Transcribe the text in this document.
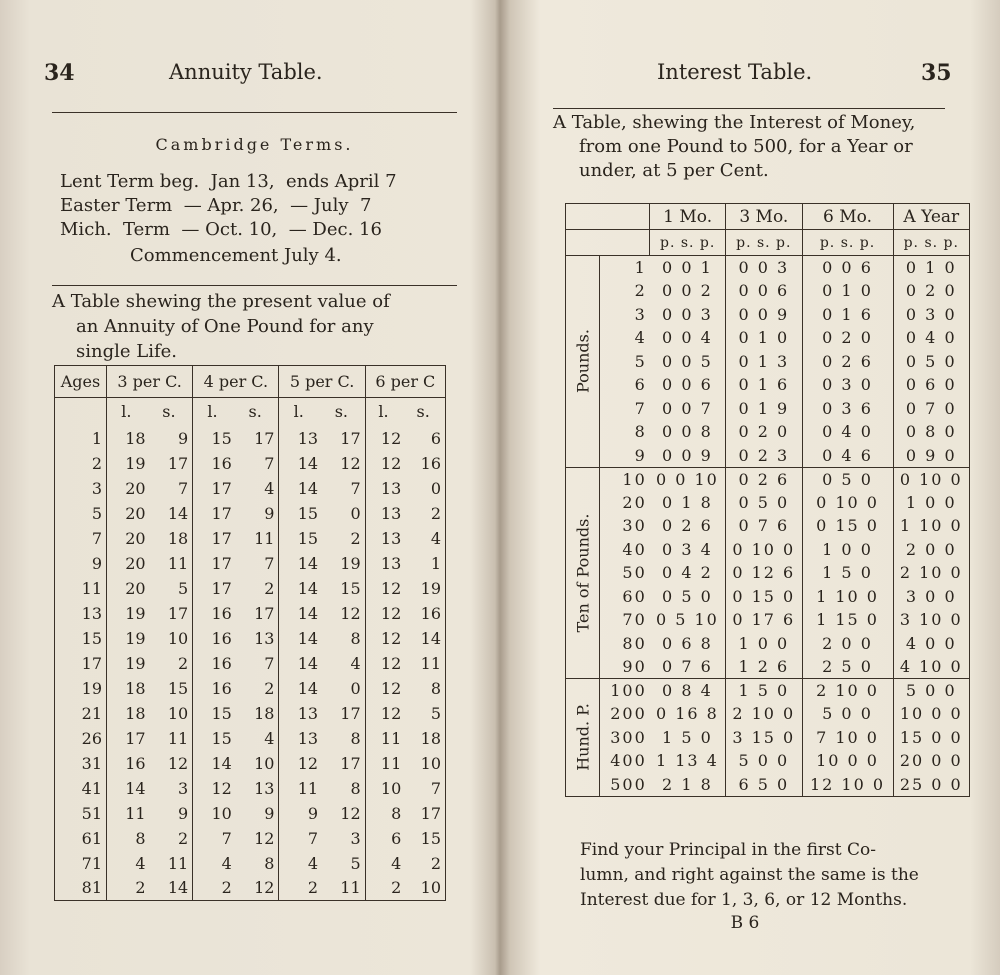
34	Annuity Table.
Cambridge Terms.
Lent Term beg.  Jan 13,  ends April 7
Easter Term  — Apr. 26,  — July  7
Mich.  Term  — Oct. 10,  — Dec. 16
Commencement July 4.
A Table shewing the present value of
an Annuity of One Pound for any
single Life.
Ages	3 per C.		4 per C.		5 per C.		6 per C	
	l.	s.	l.	s.	l.	s.	l.	s.
1	18	9	15	17	13	17	12	6
2	19	17	16	7	14	12	12	16
3	20	7	17	4	14	7	13	0
5	20	14	17	9	15	0	13	2
7	20	18	17	11	15	2	13	4
9	20	11	17	7	14	19	13	1
11	20	5	17	2	14	15	12	19
13	19	17	16	17	14	12	12	16
15	19	10	16	13	14	8	12	14
17	19	2	16	7	14	4	12	11
19	18	15	16	2	14	0	12	8
21	18	10	15	18	13	17	12	5
26	17	11	15	4	13	8	11	18
31	16	12	14	10	12	17	11	10
41	14	3	12	13	11	8	10	7
51	11	9	10	9	9	12	8	17
61	8	2	7	12	7	3	6	15
71	4	11	4	8	4	5	4	2
81	2	14	2	12	2	11	2	10
Interest Table.	35
A Table, shewing the Interest of Money,
from one Pound to 500, for a Year or
under, at 5 per Cent.
		1 Mo.	3 Mo.	6 Mo.	A Year
		p. s. p.	p. s. p.	p. s. p.	p. s. p.

Pounds.	1	0 0 1	0 0 3	0 0 6	0 1 0
	2	0 0 2	0 0 6	0 1 0	0 2 0
	3	0 0 3	0 0 9	0 1 6	0 3 0
	4	0 0 4	0 1 0	0 2 0	0 4 0
	5	0 0 5	0 1 3	0 2 6	0 5 0
	6	0 0 6	0 1 6	0 3 0	0 6 0
	7	0 0 7	0 1 9	0 3 6	0 7 0
	8	0 0 8	0 2 0	0 4 0	0 8 0
	9	0 0 9	0 2 3	0 4 6	0 9 0

Ten of Pounds.	10	0 0 10	0 2 6	0 5 0	0 10 0
	20	0 1 8	0 5 0	0 10 0	1 0 0
	30	0 2 6	0 7 6	0 15 0	1 10 0
	40	0 3 4	0 10 0	1 0 0	2 0 0
	50	0 4 2	0 12 6	1 5 0	2 10 0
	60	0 5 0	0 15 0	1 10 0	3 0 0
	70	0 5 10	0 17 6	1 15 0	3 10 0
	80	0 6 8	1 0 0	2 0 0	4 0 0
	90	0 7 6	1 2 6	2 5 0	4 10 0

Hund. P.	100	0 8 4	1 5 0	2 10 0	5 0 0
	200	0 16 8	2 10 0	5 0 0	10 0 0
	300	1 5 0	3 15 0	7 10 0	15 0 0
	400	1 13 4	5 0 0	10 0 0	20 0 0
	500	2 1 8	6 5 0	12 10 0	25 0 0
Find your Principal in the first Co-
lumn, and right against the same is the
Interest due for 1, 3, 6, or 12 Months.
B 6
